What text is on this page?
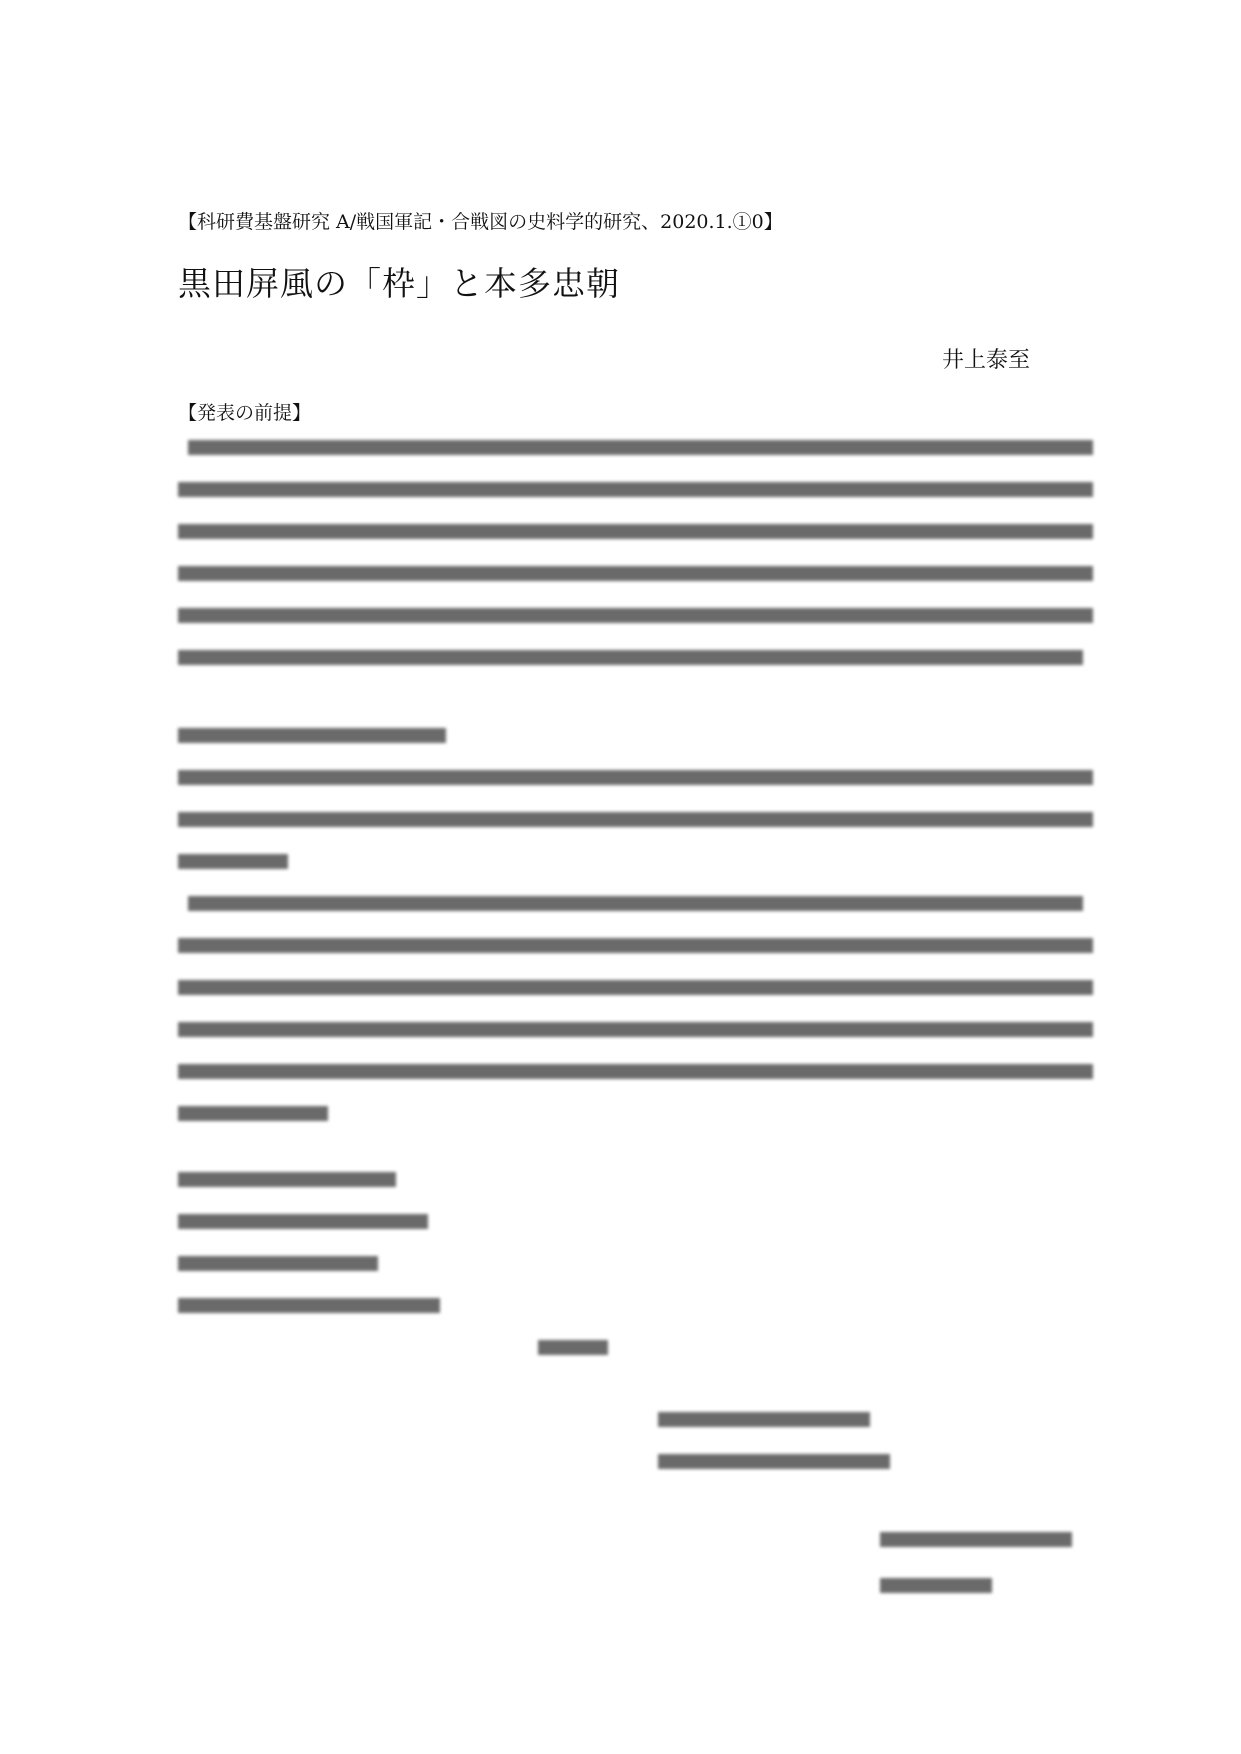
【科研費基盤研究 A/戦国軍記・合戦図の史料学的研究、2020.1.①0】
黒田屏風の「枠」と本多忠朝
井上泰至
【発表の前提】
